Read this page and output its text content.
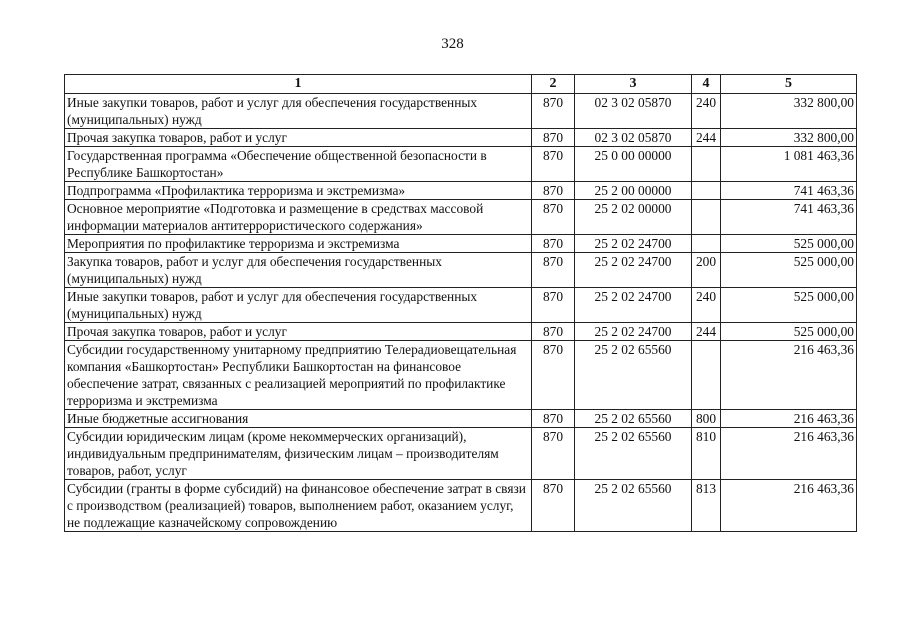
328
1	2	3	4	5
Иные закупки товаров, работ и услуг для обеспечения государственных (муниципальных) нужд	870	02 3 02 05870	240	332 800,00
Прочая закупка товаров, работ и услуг	870	02 3 02 05870	244	332 800,00
Государственная программа «Обеспечение общественной безопасности в Республике Башкортостан»	870	25 0 00 00000		1 081 463,36
Подпрограмма «Профилактика терроризма и экстремизма»	870	25 2 00 00000		741 463,36
Основное мероприятие «Подготовка и размещение в средствах массовой информации материалов антитеррористического содержания»	870	25 2 02 00000		741 463,36
Мероприятия по профилактике терроризма и экстремизма	870	25 2 02 24700		525 000,00
Закупка товаров, работ и услуг для обеспечения государственных (муниципальных) нужд	870	25 2 02 24700	200	525 000,00
Иные закупки товаров, работ и услуг для обеспечения государственных (муниципальных) нужд	870	25 2 02 24700	240	525 000,00
Прочая закупка товаров, работ и услуг	870	25 2 02 24700	244	525 000,00
Субсидии государственному унитарному предприятию Телерадиовещательная компания «Башкортостан» Республики Башкортостан на финансовое обеспечение затрат, связанных с реализацией мероприятий по профилактике терроризма и экстремизма	870	25 2 02 65560		216 463,36
Иные бюджетные ассигнования	870	25 2 02 65560	800	216 463,36
Субсидии юридическим лицам (кроме некоммерческих организаций), индивидуальным предпринимателям, физическим лицам – производителям товаров, работ, услуг	870	25 2 02 65560	810	216 463,36
Субсидии (гранты в форме субсидий) на финансовое обеспечение затрат в связи с производством (реализацией) товаров, выполнением работ, оказанием услуг, не подлежащие казначейскому сопровождению	870	25 2 02 65560	813	216 463,36
